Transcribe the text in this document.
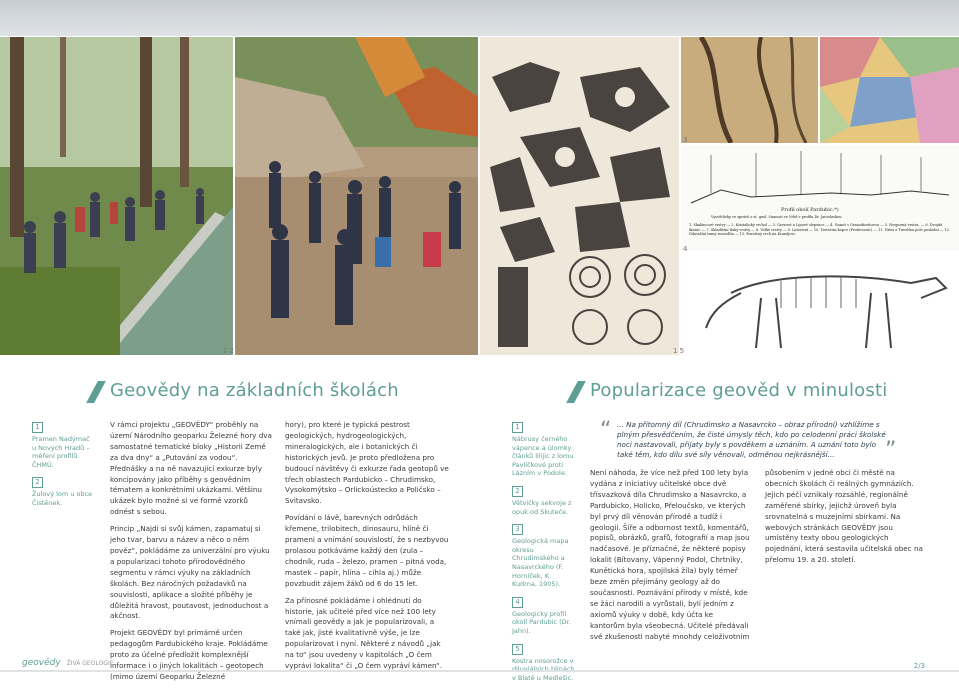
Profil okolí Pardubic.*)
Vysvětlivky ve zprávě o st. geol. činnosti ve Vrbě v profilu Dr. Jaroslavkou.
1. Skaláncové vrstvy — 2. Kristalický vrchol — 3. Gresové a Lipové slepence — 4. Granit s Granodioritovou — 5. Nesporná vrstva. — 6. Dvojitá tkaniv. — 7. Skladištní tlaky vrstvy — 8. Velké vrstvy — 9. Laterivní — 10. Terciérní kopce (Proterozoic) — 11. Nitra z Trenčína pole poslední — 12. Diluviální trany rozsedlin — 13. Posvátný vrch na Kranějovi.
1 2	1 5
3
4
Geovědy na základních školách
1
Pramen Nadýmač u Nových Hradů – měření profilů ČHMÚ.
2
Žulový lom u obce Čistěnek.

V rámci projektu „GEOVĚDY“ proběhly na území Národního geoparku Železné hory dva samostatné tematické bloky „Historii Země za dva dny“ a „Putování za vodou“. Přednášky a na ně navazující exkurze byly koncipovány jako příběhy s geovědním tématem a konkrétními ukázkami. Většinu ukázek bylo možné si ve formě vzorků odnést s sebou.

Princip „Najdi si svůj kámen, zapamatuj si jeho tvar, barvu a název a něco o něm pověz“, pokládáme za univerzální pro výuku a popularizaci tohoto přírodovědného segmentu v rámci výuky na základních školách. Bez náročných požadavků na souvislosti, aplikace a složité příběhy je důležitá hravost, poutavost, jednoduchost a akčnost.

Projekt GEOVĚDY byl primárně určen pedagogům Pardubického kraje. Pokládáme proto za účelné předložit komplexnější informace i o jiných lokalitách – geotopech (mimo území Geoparku Železné

hory), pro které je typická pestrost geologických, hydrogeologických, mineralogických, ale i botanických či historických jevů. Je proto předložena pro budoucí návštěvy či exkurze řada geotopů ve třech oblastech Pardubicko – Chrudimsko, Vysokomýtsko – Orlickoústecko a Poličsko – Svitavsko.

Povídání o lávě, barevných odrůdách křemene, trilobitech, dinosauru, hlíně či prameni a vnímání souvislostí, že s nezbyvou prolasou potkáváme každý den (zula – chodník, ruda – železo, pramen – pitná voda, mastek – papír, hlína – cihla aj.) může povzbudit zájem žáků od 6 do 15 let.

Za přínosné pokládáme i ohlédnutí do historie, jak učitelé před více než 100 lety vnímali geovědy a jak je popularizovali, a také jak, jisté kvalitativně výše, je lze popularizovat i nyní. Některé z návodů „jak na to“ jsou uvedeny v kapitolách „O čem vyprávi lokalita“ či „O čem vypráví kámen“.

Popularizace geověd v minulosti
1
Nábrusy černého vápence a úlomky článků lilijic z lomu Pavlíčkové proti Lázním v Podole.
2
Větvičky sekvoje z opuk od Skuteče.
3
Geologická mapa okresu Chrudimského a Nasavrckého (F. Horníček, K. Kudrna, 1905).
4
Geologický profil okolí Pardubic (Dr. Jahn).
5
Kostra nosorožce v v Blatě u Medlešic.
“ ... Na přítomný díl (Chrudimsko a Nasavrcko – obraz přírodní) vzhlížíme s plným přesvědčením, že čisté úmysly těch, kdo po celodenní práci školské noci nastavovali, přijaty byly s povděkem a uznáním. A uznání toto bylo také těm, kdo dílu své síly věnovali, odměnou nejkrásnější...	”

Není náhoda, že více než před 100 lety byla vydána z iniciativy učitelské obce dvě třísvazková díla Chrudimsko a Nasavrcko, a Pardubicko, Holicko, Přeloučsko, ve kterých byl prvý díl věnován přírodě a tudíž i geologii. Šíře a odbornost textů, komentářů, popisů, obrázků, grafů, fotografií a map jsou nadčasové. Je příznačné, že některé popisy lokalit (Bítovany, Vápenný Podol, Chrtníky, Kunětická hora, spojilská žíla) byly témeř beze změn přejímány geology až do současnosti. Poznávání přírody v místě, kde se žáci narodili a vyrůstali, bylí jedním z axiomů výuky v době, kdy účta ke kantorům byla všeobecná. Učitelé předávali své zkušenosti nabyté mnohdy celoživotním

působením v jedné obci či městě na obecních školách či reálných gymnáziích. Jejich péčí vznikaly rozsáhlé, regionálně zaměřené sbírky, jejichž úroveň byla srovnatelná s muzejními sbírkami. Na webových stránkách GEOVĚDY jsou umístěny texty obou geologických pojednání, která sestavila učitelská obec na přelomu 19. a 20. století.

geovědy ŽIVÁ GEOLOGIE	2/3
